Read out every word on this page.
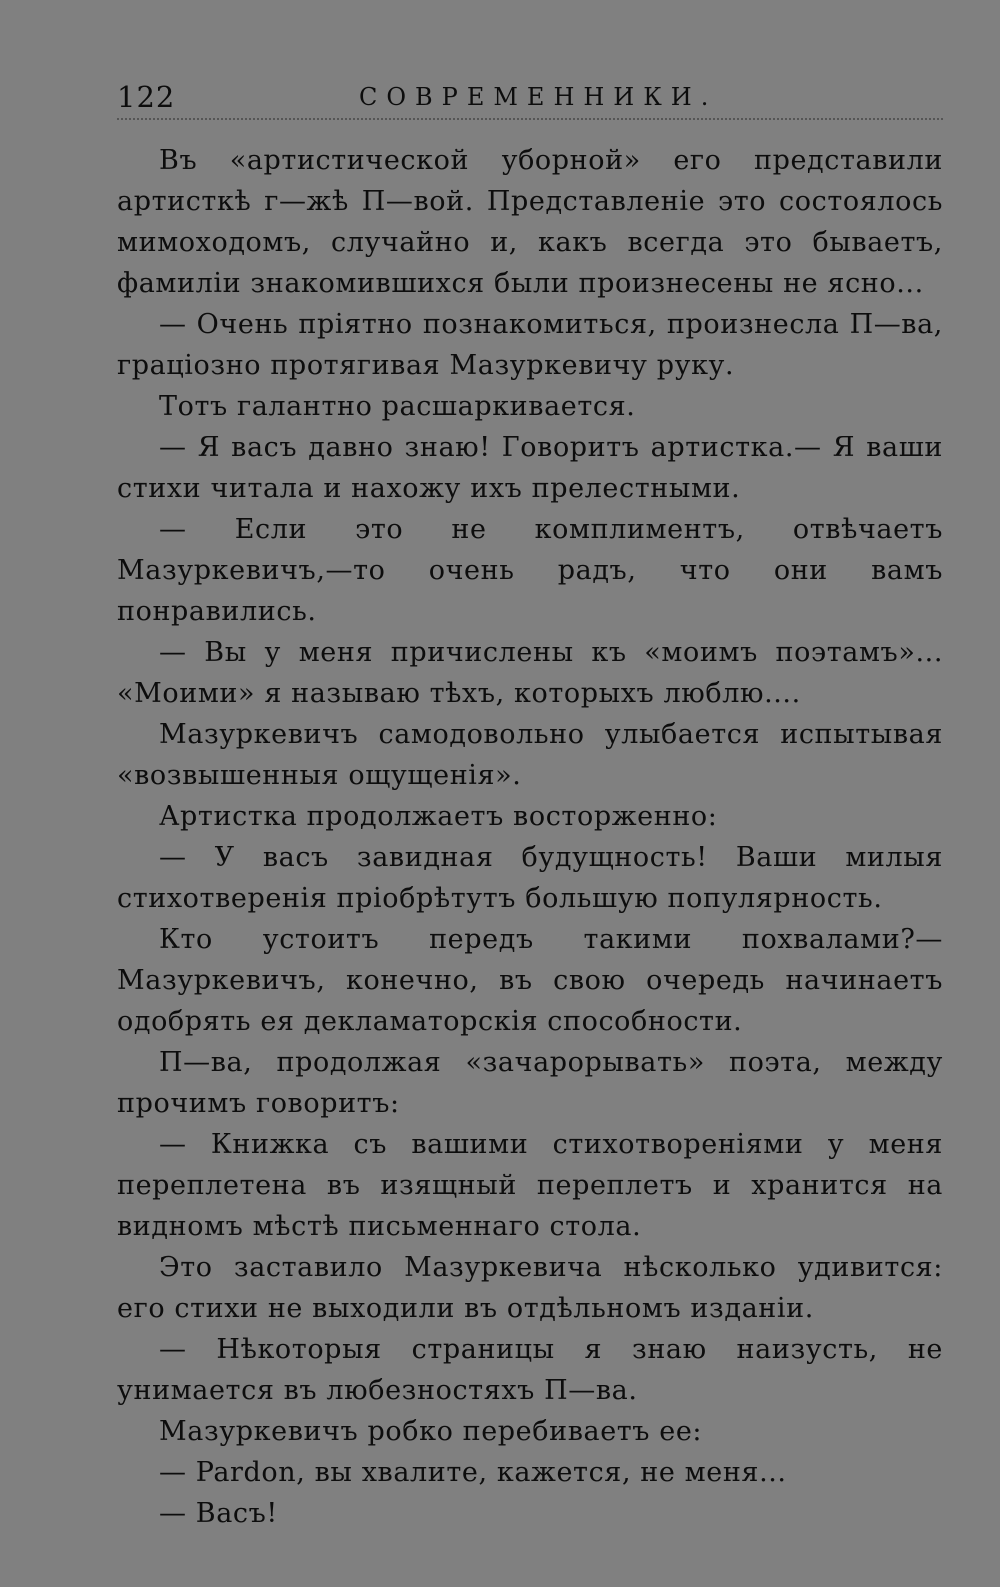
122	СОВРЕМЕННИКИ.

Въ «артистической уборной» его представили артисткѣ г—жѣ П—вой. Представленіе это состоялось мимоходомъ, случайно и, какъ всегда это бываетъ, фамиліи знакомившихся были произнесены не ясно...

— Очень пріятно познакомиться, произнесла П—ва, граціозно протягивая Мазуркевичу руку.

Тотъ галантно расшаркивается.

— Я васъ давно знаю! Говоритъ артистка.— Я ваши стихи читала и нахожу ихъ прелестными.

— Если это не комплиментъ, отвѣчаетъ Мазуркевичъ,—то очень радъ, что они вамъ понравились.

— Вы у меня причислены къ «моимъ поэтамъ»... «Моими» я называю тѣхъ, которыхъ люблю....

Мазуркевичъ самодовольно улыбается испытывая «возвышенныя ощущенія».

Артистка продолжаетъ восторженно:

— У васъ завидная будущность! Ваши милыя стихотверенія пріобрѣтутъ большую популярность.

Кто устоитъ передъ такими похвалами?—Мазуркевичъ, конечно, въ свою очередь начинаетъ одобрять ея декламаторскія способности.

П—ва, продолжая «зачарорывать» поэта, между прочимъ говоритъ:

— Книжка съ вашими стихотвореніями у меня переплетена въ изящный переплетъ и хранится на видномъ мѣстѣ письменнаго стола.

Это заставило Мазуркевича нѣсколько удивится: его стихи не выходили въ отдѣльномъ изданіи.

— Нѣкоторыя страницы я знаю наизусть, не унимается въ любезностяхъ П—ва.

Мазуркевичъ робко перебиваетъ ее:

— Pardon, вы хвалите, кажется, не меня...

— Васъ!
